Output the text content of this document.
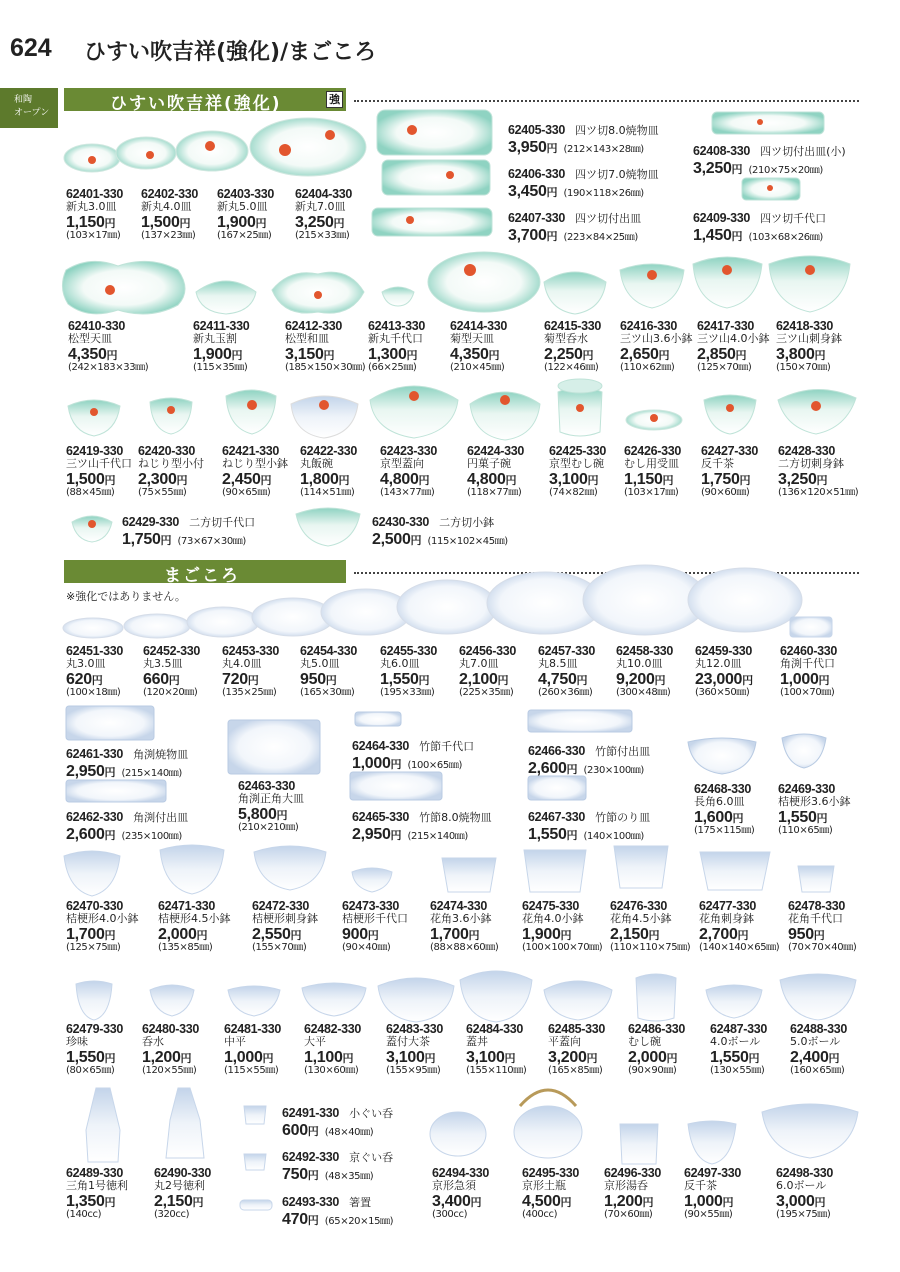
624 ひすい吹吉祥(強化)/まごころ
和陶
オープン	ひすい吹吉祥(強化)	強
まごころ
※強化ではありません。
62401-330
新丸3.0皿
1,150円
(103×17㎜)
62402-330
新丸4.0皿
1,500円
(137×23㎜)
62403-330
新丸5.0皿
1,900円
(167×25㎜)
62404-330
新丸7.0皿
3,250円
(215×33㎜)
62405-330 四ツ切8.0焼物皿
3,950円 (212×143×28㎜)
62406-330 四ツ切7.0焼物皿
3,450円 (190×118×26㎜)
62407-330 四ツ切付出皿
3,700円 (223×84×25㎜)
62408-330 四ツ切付出皿(小)
3,250円 (210×75×20㎜)
62409-330 四ツ切千代口
1,450円 (103×68×26㎜)
62410-330
松型天皿
4,350円
(242×183×33㎜)
62411-330
新丸玉割
1,900円
(115×35㎜)
62412-330
松型和皿
3,150円
(185×150×30㎜)
62413-330
新丸千代口
1,300円
(66×25㎜)
62414-330
菊型天皿
4,350円
(210×45㎜)
62415-330
菊型呑水
2,250円
(122×46㎜)
62416-330
三ツ山3.6小鉢
2,650円
(110×62㎜)
62417-330
三ツ山4.0小鉢
2,850円
(125×70㎜)
62418-330
三ツ山刺身鉢
3,800円
(150×70㎜)
62419-330
三ツ山千代口
1,500円
(88×45㎜)
62420-330
ねじり型小付
2,300円
(75×55㎜)
62421-330
ねじり型小鉢
2,450円
(90×65㎜)
62422-330
丸飯碗
1,800円
(114×51㎜)
62423-330
京型蓋向
4,800円
(143×77㎜)
62424-330
円菓子碗
4,800円
(118×77㎜)
62425-330
京型むし碗
3,100円
(74×82㎜)
62426-330
むし用受皿
1,150円
(103×17㎜)
62427-330
反千茶
1,750円
(90×60㎜)
62428-330
二方切刺身鉢
3,250円
(136×120×51㎜)
62429-330 二方切千代口
1,750円 (73×67×30㎜)
62430-330 二方切小鉢
2,500円 (115×102×45㎜)
62451-330
丸3.0皿
620円
(100×18㎜)
62452-330
丸3.5皿
660円
(120×20㎜)
62453-330
丸4.0皿
720円
(135×25㎜)
62454-330
丸5.0皿
950円
(165×30㎜)
62455-330
丸6.0皿
1,550円
(195×33㎜)
62456-330
丸7.0皿
2,100円
(225×35㎜)
62457-330
丸8.5皿
4,750円
(260×36㎜)
62458-330
丸10.0皿
9,200円
(300×48㎜)
62459-330
丸12.0皿
23,000円
(360×50㎜)
62460-330
角渕千代口
1,000円
(100×70㎜)
62461-330 角渕焼物皿
2,950円 (215×140㎜)
62462-330 角渕付出皿
2,600円 (235×100㎜)
62463-330
角渕正角大皿
5,800円
(210×210㎜)
62464-330 竹節千代口
1,000円 (100×65㎜)
62465-330 竹節8.0焼物皿
2,950円 (215×140㎜)
62466-330 竹節付出皿
2,600円 (230×100㎜)
62467-330 竹節のり皿
1,550円 (140×100㎜)
62468-330
長角6.0皿
1,600円
(175×115㎜)
62469-330
桔梗形3.6小鉢
1,550円
(110×65㎜)
62470-330
桔梗形4.0小鉢
1,700円
(125×75㎜)
62471-330
桔梗形4.5小鉢
2,000円
(135×85㎜)
62472-330
桔梗形刺身鉢
2,550円
(155×70㎜)
62473-330
桔梗形千代口
900円
(90×40㎜)
62474-330
花角3.6小鉢
1,700円
(88×88×60㎜)
62475-330
花角4.0小鉢
1,900円
(100×100×70㎜)
62476-330
花角4.5小鉢
2,150円
(110×110×75㎜)
62477-330
花角刺身鉢
2,700円
(140×140×65㎜)
62478-330
花角千代口
950円
(70×70×40㎜)
62479-330
珍味
1,550円
(80×65㎜)
62480-330
呑水
1,200円
(120×55㎜)
62481-330
中平
1,000円
(115×55㎜)
62482-330
大平
1,100円
(130×60㎜)
62483-330
蓋付大茶
3,100円
(155×95㎜)
62484-330
蓋丼
3,100円
(155×110㎜)
62485-330
平蓋向
3,200円
(165×85㎜)
62486-330
むし碗
2,000円
(90×90㎜)
62487-330
4.0ボール
1,550円
(130×55㎜)
62488-330
5.0ボール
2,400円
(160×65㎜)
62489-330
三角1号徳利
1,350円
(140cc)
62490-330
丸2号徳利
2,150円
(320cc)
62491-330 小ぐい呑
600円 (48×40㎜)
62492-330 京ぐい呑
750円 (48×35㎜)
62493-330 箸置
470円 (65×20×15㎜)
62494-330
京形急須
3,400円
(300cc)
62495-330
京形土瓶
4,500円
(400cc)
62496-330
京形湯呑
1,200円
(70×60㎜)
62497-330
反千茶
1,000円
(90×55㎜)
62498-330
6.0ボール
3,000円
(195×75㎜)
